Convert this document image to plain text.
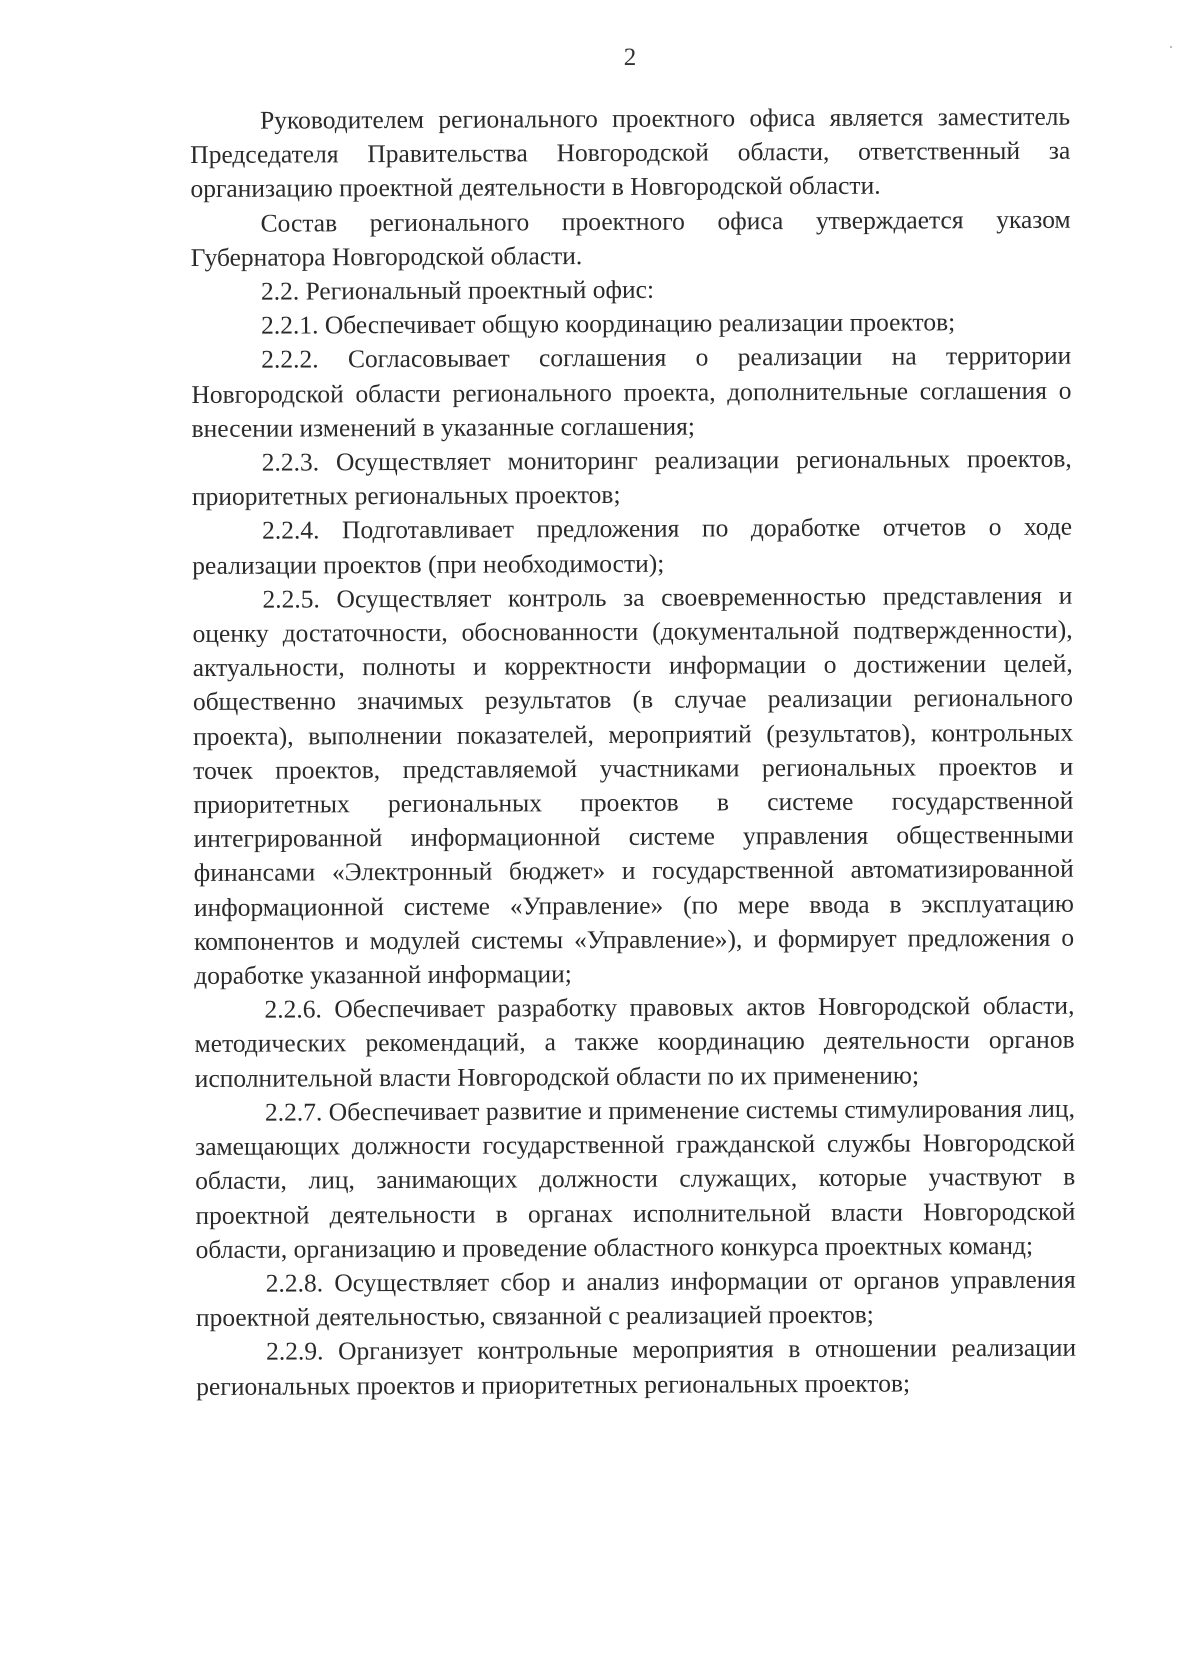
2

Руководителем регионального проектного офиса является заместитель Председателя Правительства Новгородской области, ответственный за организацию проектной деятельности в Новгородской области.

Состав регионального проектного офиса утверждается указом Губернатора Новгородской области.

2.2. Региональный проектный офис:

2.2.1. Обеспечивает общую координацию реализации проектов;

2.2.2. Согласовывает соглашения о реализации на территории Новгородской области регионального проекта, дополнительные соглашения о внесении изменений в указанные соглашения;

2.2.3. Осуществляет мониторинг реализации региональных проектов, приоритетных региональных проектов;

2.2.4. Подготавливает предложения по доработке отчетов о ходе реализации проектов (при необходимости);

2.2.5. Осуществляет контроль за своевременностью представления и оценку достаточности, обоснованности (документальной подтвержденности), актуальности, полноты и корректности информации о достижении целей, общественно значимых результатов (в случае реализации регионального проекта), выполнении показателей, мероприятий (результатов), контрольных точек проектов, представляемой участниками региональных проектов и приоритетных региональных проектов в системе государственной интегрированной информационной системе управления общественными финансами «Электронный бюджет» и государственной автоматизированной информационной системе «Управление» (по мере ввода в эксплуатацию компонентов и модулей системы «Управление»), и формирует предложения о доработке указанной информации;

2.2.6. Обеспечивает разработку правовых актов Новгородской области, методических рекомендаций, а также координацию деятельности органов исполнительной власти Новгородской области по их применению;

2.2.7. Обеспечивает развитие и применение системы стимулирования лиц, замещающих должности государственной гражданской службы Новгородской области, лиц, занимающих должности служащих, которые участвуют в проектной деятельности в органах исполнительной власти Новгородской области, организацию и проведение областного конкурса проектных команд;

2.2.8. Осуществляет сбор и анализ информации от органов управления проектной деятельностью, связанной с реализацией проектов;

2.2.9. Организует контрольные мероприятия в отношении реализации региональных проектов и приоритетных региональных проектов;
